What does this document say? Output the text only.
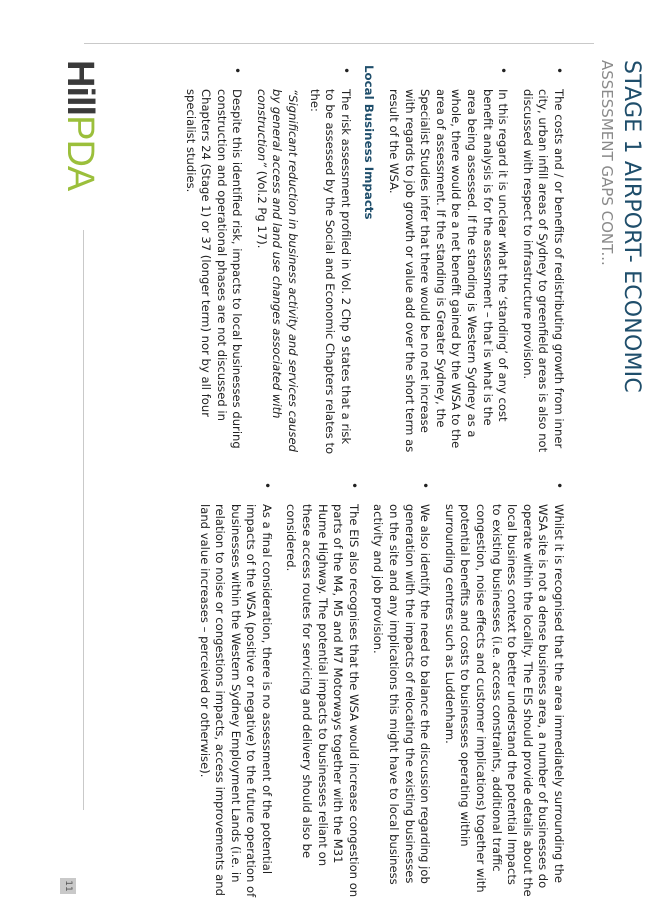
STAGE 1 AIRPORT- ECONOMIC
ASSESSMENT GAPS CONT...
•
The costs and / or benefits of redistributing growth from inner city, urban infill areas of Sydney to greenfield areas is also not discussed with respect to infrastructure provision.
•
In this regard it is unclear what the ‘standing’ of any cost benefit analysis is for the assessment – that is what is the area being assessed. If the standing is Western Sydney as a whole, there would be a net benefit gained by the WSA to the area of assessment. If the standing is Greater Sydney, the Specialist Studies infer that there would be no net increase with regards to job growth or value add over the short term as result of the WSA.
Local Business Impacts
•
The risk assessment profiled in Vol. 2 Chp 9 states that a risk to be assessed by the Social and Economic Chapters relates to the:
“Significant reduction in business activity and services caused by general access and land use changes associated with construction” (Vol.2 Pg 17).
•
Despite this identified risk, impacts to local businesses during construction and operational phases are not discussed in Chapters 24 (Stage 1) or 37 (longer term) nor by all four specialist studies.
•
Whilst it is recognised that the area immediately surrounding the WSA site is not a dense business area, a number of businesses do operate within the locality. The EIS should provide details about the local business context to better understand the potential Impacts to existing businesses (i.e. access constraints, additional traffic congestion, noise effects and customer implications) together with potential benefits and costs to businesses operating within surrounding centres such as Luddenham.
•
We also identify the need to balance the discussion regarding job generation with the impacts of relocating the existing businesses on the site and any implications this might have to local business activity and job provision.
•
The EIS also recognises that the WSA would increase congestion on parts of the M4, M5 and M7 Motorways together with the M31 Hume Highway. The potential impacts to businesses reliant on these access routes for servicing and delivery should also be considered.
•
As a final consideration, there is no assessment of the potential impacts of the WSA (positive or negative) to the future operation of businesses within the Western Sydney Employment Lands (i.e. in relation to noise or congestions impacts, access improvements and land value increases – perceived or otherwise).
HillPDA
11
